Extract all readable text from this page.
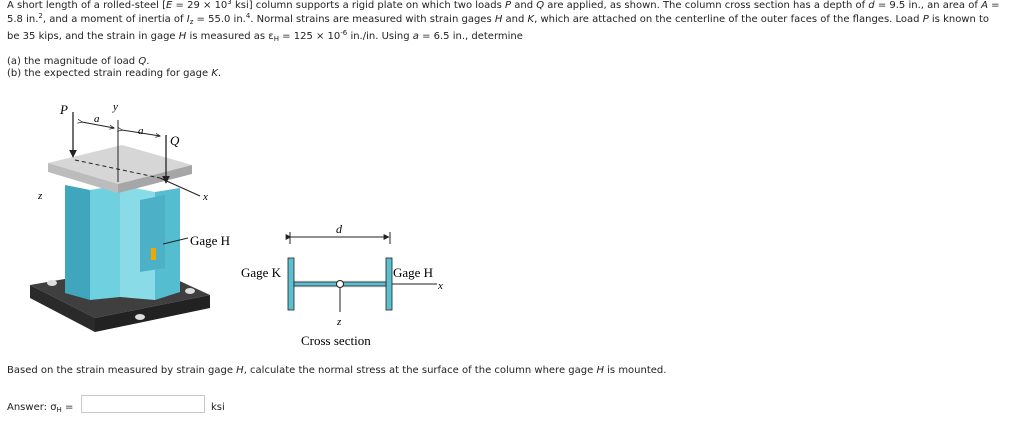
A short length of a rolled-steel [$E = 29 \times 10^3$ ksi] column supports a rigid plate on which two loads P and Q are applied, as shown. The column cross section has a depth of d = 9.5 in., an area of A =
5.8 in.$^2$, and a moment of inertia of $I_z = 55.0$ in.$^4$. Normal strains are measured with strain gages H and K, which are attached on the centerline of the outer faces of the flanges. Load P is known to
be 35 kips, and the strain in gage H is measured as $\varepsilon_H = 125 \times 10^{-6}$ in./in. Using a = 6.5 in., determine
(a) the magnitude of load Q.
(b) the expected strain reading for gage K.
P
a
y
a
Q
x
z
Gage H
d
Gage K	Gage H
x
z
Cross section
Based on the strain measured by strain gage H, calculate the normal stress at the surface of the column where gage H is mounted.
Answer: $\sigma_H$ =	ksi
